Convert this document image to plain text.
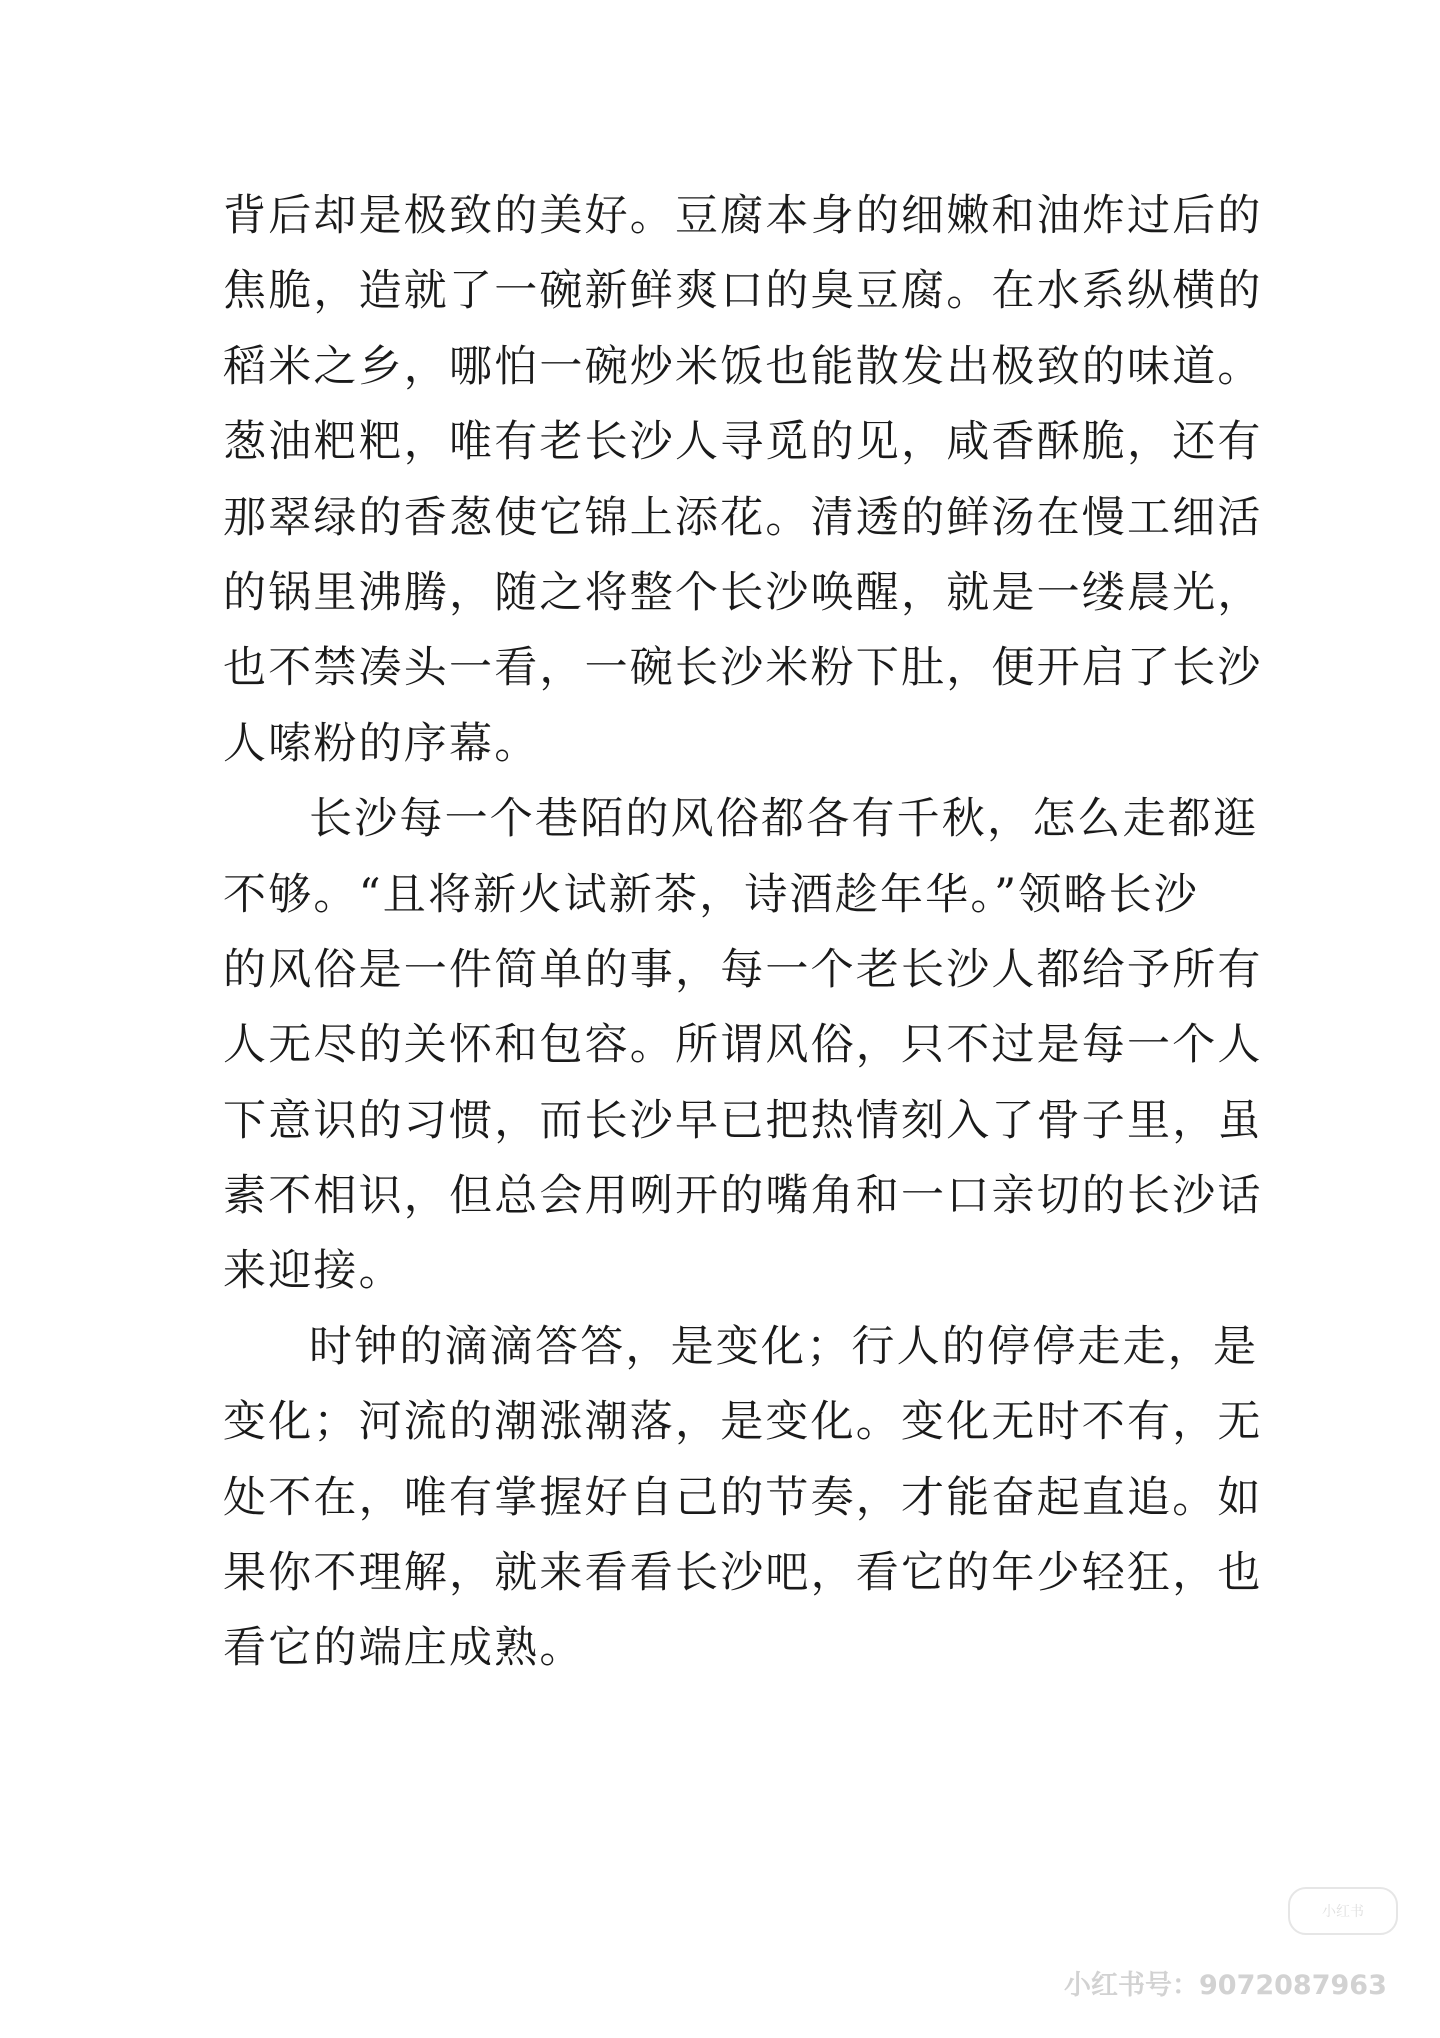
背后却是极致的美好。豆腐本身的细嫩和油炸过后的
焦脆，造就了一碗新鲜爽口的臭豆腐。在水系纵横的
稻米之乡，哪怕一碗炒米饭也能散发出极致的味道。
葱油粑粑，唯有老长沙人寻觅的见，咸香酥脆，还有
那翠绿的香葱使它锦上添花。清透的鲜汤在慢工细活
的锅里沸腾，随之将整个长沙唤醒，就是一缕晨光，
也不禁凑头一看，一碗长沙米粉下肚，便开启了长沙
人嗦粉的序幕。
长沙每一个巷陌的风俗都各有千秋，怎么走都逛
不够。“且将新火试新茶，诗酒趁年华。”领略长沙
的风俗是一件简单的事，每一个老长沙人都给予所有
人无尽的关怀和包容。所谓风俗，只不过是每一个人
下意识的习惯，而长沙早已把热情刻入了骨子里，虽
素不相识，但总会用咧开的嘴角和一口亲切的长沙话
来迎接。
时钟的滴滴答答，是变化；行人的停停走走，是
变化；河流的潮涨潮落，是变化。变化无时不有，无
处不在，唯有掌握好自己的节奏，才能奋起直追。如
果你不理解，就来看看长沙吧，看它的年少轻狂，也
看它的端庄成熟。
小红书
小红书号：9072087963
